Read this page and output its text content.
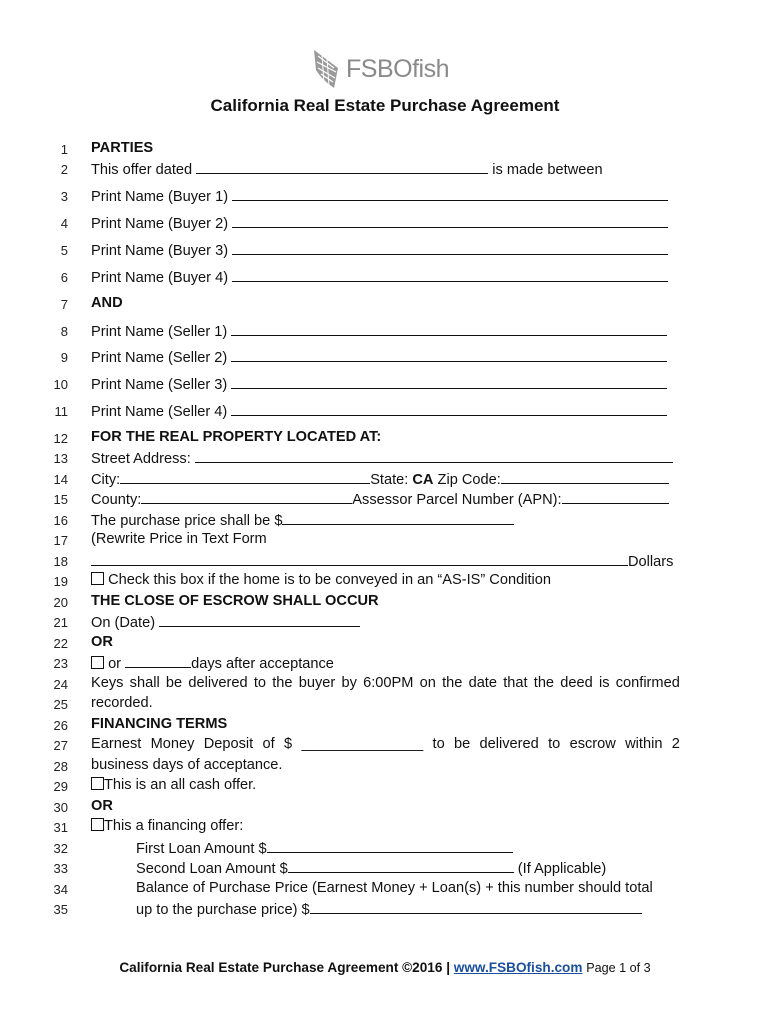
FSBOfish
California Real Estate Purchase Agreement
1 PARTIES
2 This offer dated	is made between
3 Print Name (Buyer 1)
4 Print Name (Buyer 2)
5 Print Name (Buyer 3)
6 Print Name (Buyer 4)
7 AND
8 Print Name (Seller 1)
9 Print Name (Seller 2)
10 Print Name (Seller 3)
11 Print Name (Seller 4)
12 FOR THE REAL PROPERTY LOCATED AT:
13 Street Address:
14 City:	State: CA Zip Code:
15 County:	Assessor Parcel Number (APN):
16 The purchase price shall be $
17 (Rewrite Price in Text Form
18	Dollars
19	Check this box if the home is to be conveyed in an “AS-IS” Condition
20 THE CLOSE OF ESCROW SHALL OCCUR
21 On (Date)
22 OR
23	or	days after acceptance
24 Keys shall be delivered to the buyer by 6:00PM on the date that the deed is confirmed
25 recorded.
26 FINANCING TERMS
27 Earnest Money Deposit of $ _______________ to be delivered to escrow within 2
28 business days of acceptance.
29	This is an all cash offer.
30 OR
31	This a financing offer:
32	First Loan Amount $
33	Second Loan Amount $	(If Applicable)
34	Balance of Purchase Price (Earnest Money + Loan(s) + this number should total
35	up to the purchase price) $
California Real Estate Purchase Agreement ©2016 | www.FSBOfish.com Page 1 of 3
